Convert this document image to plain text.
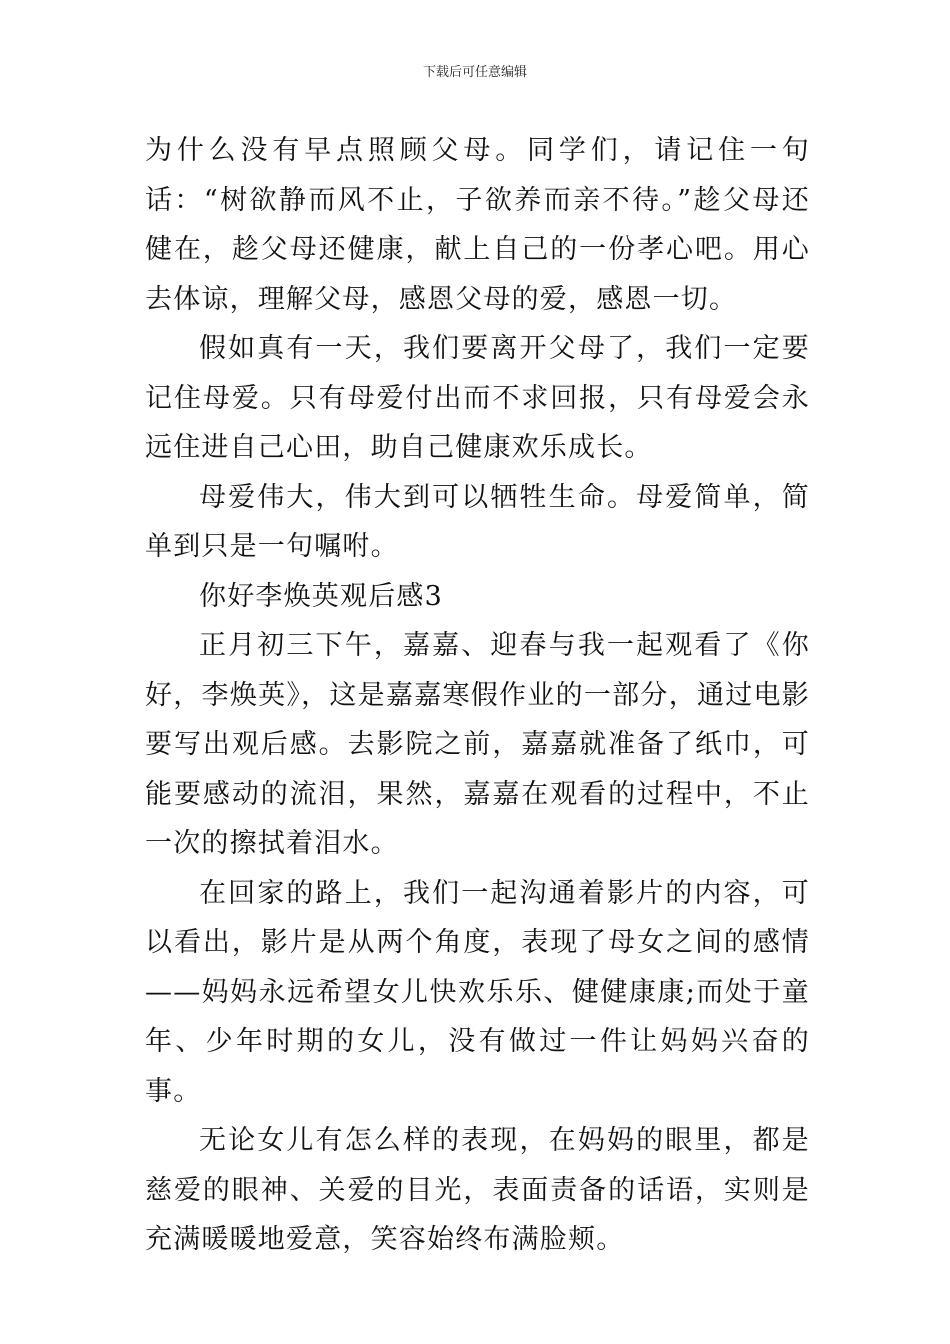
下载后可任意编辑

为什么没有早点照顾父母。同学们，请记住一句话：“树欲静而风不止，子欲养而亲不待。”趁父母还健在，趁父母还健康，献上自己的一份孝心吧。用心去体谅，理解父母，感恩父母的爱，感恩一切。

假如真有一天，我们要离开父母了，我们一定要记住母爱。只有母爱付出而不求回报，只有母爱会永远住进自己心田，助自己健康欢乐成长。

母爱伟大，伟大到可以牺牲生命。母爱简单，简单到只是一句嘱咐。

你好李焕英观后感3

正月初三下午，嘉嘉、迎春与我一起观看了《你好，李焕英》，这是嘉嘉寒假作业的一部分，通过电影要写出观后感。去影院之前，嘉嘉就准备了纸巾，可能要感动的流泪，果然，嘉嘉在观看的过程中，不止一次的擦拭着泪水。

在回家的路上，我们一起沟通着影片的内容，可以看出，影片是从两个角度，表现了母女之间的感情——妈妈永远希望女儿快欢乐乐、健健康康;而处于童年、少年时期的女儿，没有做过一件让妈妈兴奋的事。

无论女儿有怎么样的表现，在妈妈的眼里，都是慈爱的眼神、关爱的目光，表面责备的话语，实则是充满暖暖地爱意，笑容始终布满脸颊。
